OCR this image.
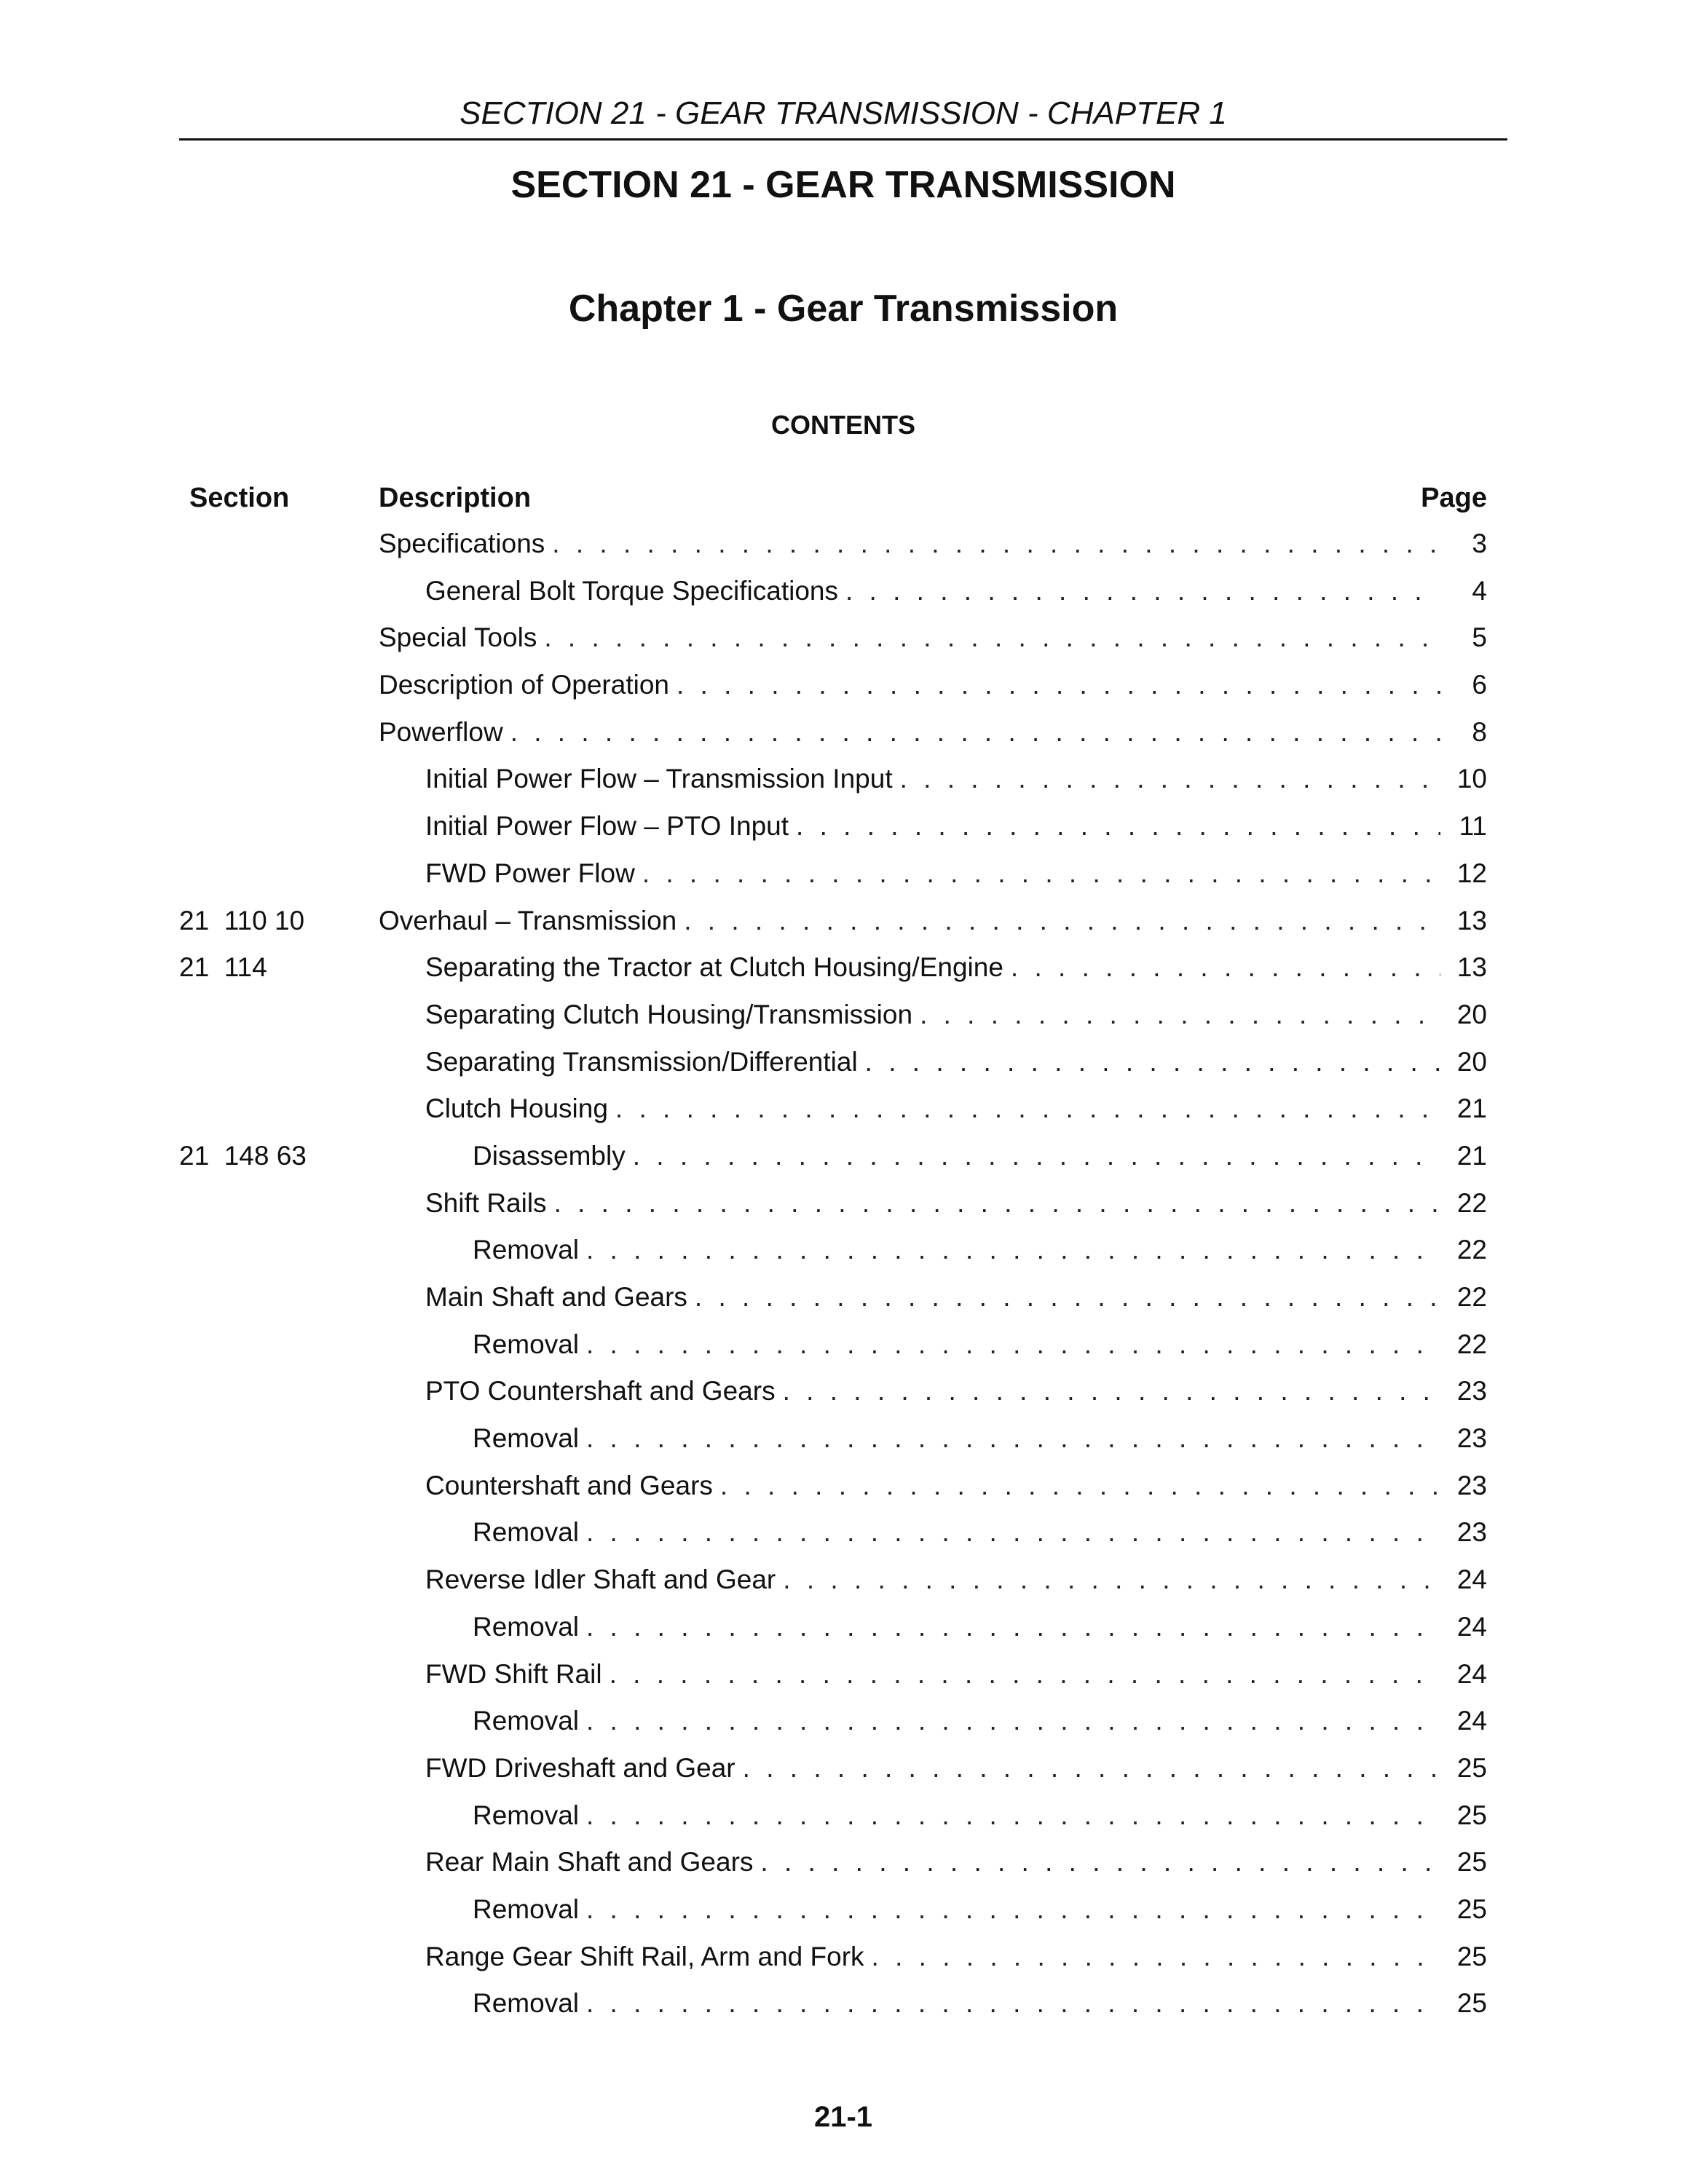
SECTION 21 - GEAR TRANSMISSION - CHAPTER 1
SECTION 21 - GEAR TRANSMISSION
Chapter 1 - Gear Transmission
CONTENTS
Section	Description	Page
Specifications . . .	3
General Bolt Torque Specifications . . .	4
Special Tools . . .	5
Description of Operation . . .	6
Powerflow . . .	8
Initial Power Flow – Transmission Input . . .	10
Initial Power Flow – PTO Input . . .	11
FWD Power Flow . . .	12
21  110 10	Overhaul – Transmission . . .	13
21  114	Separating the Tractor at Clutch Housing/Engine . . .	13
Separating Clutch Housing/Transmission . . .	20
Separating Transmission/Differential . . .	20
Clutch Housing . . .	21
21  148 63	Disassembly . . .	21
Shift Rails . . .	22
Removal . . .	22
Main Shaft and Gears . . .	22
Removal . . .	22
PTO Countershaft and Gears . . .	23
Removal . . .	23
Countershaft and Gears . . .	23
Removal . . .	23
Reverse Idler Shaft and Gear . . .	24
Removal . . .	24
FWD Shift Rail . . .	24
Removal . . .	24
FWD Driveshaft and Gear . . .	25
Removal . . .	25
Rear Main Shaft and Gears . . .	25
Removal . . .	25
Range Gear Shift Rail, Arm and Fork . . .	25
Removal . . .	25
21-1
